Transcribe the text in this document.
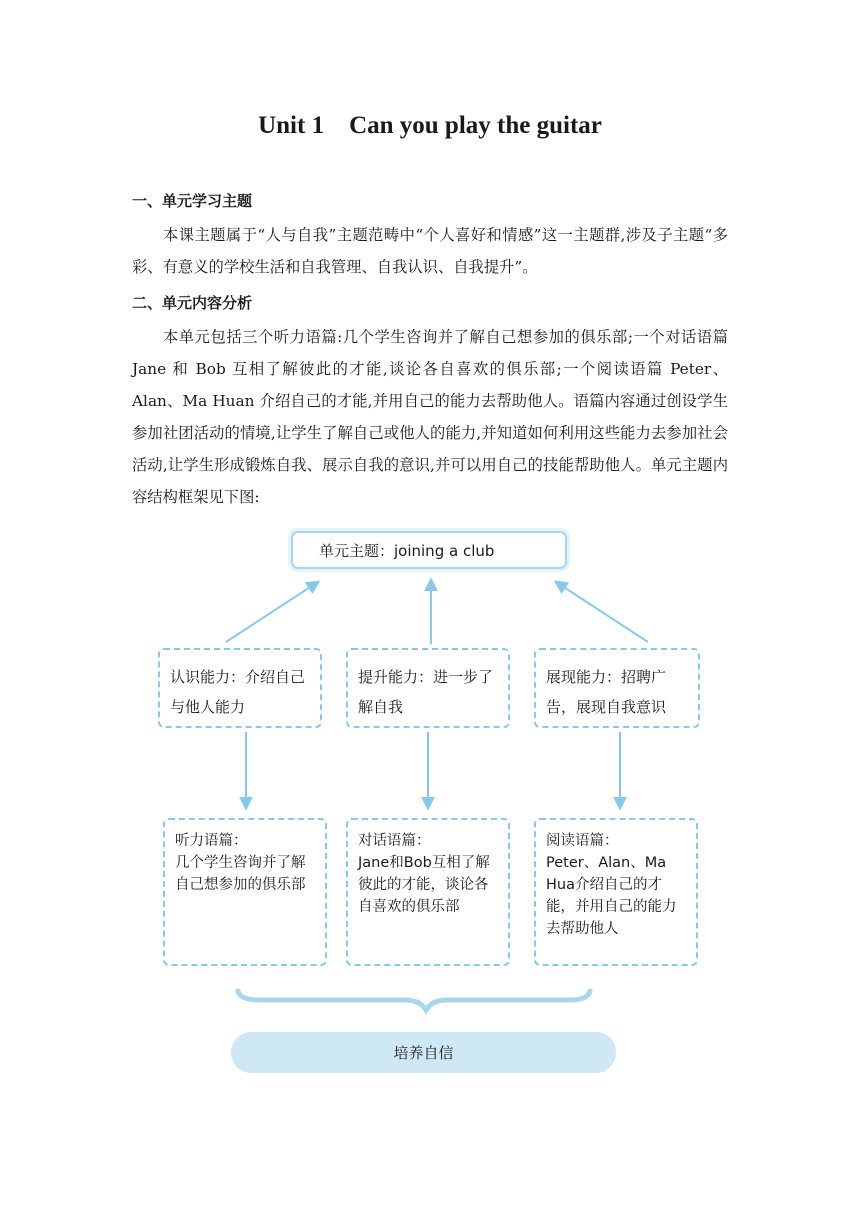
Unit 1    Can you play the guitar
一、单元学习主题
本课主题属于“人与自我”主题范畴中“个人喜好和情感”这一主题群,涉及子主题“多彩、有意义的学校生活和自我管理、自我认识、自我提升”。
二、单元内容分析
本单元包括三个听力语篇:几个学生咨询并了解自己想参加的俱乐部;一个对话语篇 Jane 和 Bob 互相了解彼此的才能,谈论各自喜欢的俱乐部;一个阅读语篇 Peter、Alan、Ma Huan 介绍自己的才能,并用自己的能力去帮助他人。语篇内容通过创设学生参加社团活动的情境,让学生了解自己或他人的能力,并知道如何利用这些能力去参加社会活动,让学生形成锻炼自我、展示自我的意识,并可以用自己的技能帮助他人。单元主题内容结构框架见下图:
单元主题：joining a club
认识能力：介绍自己与他人能力
提升能力：进一步了解自我
展现能力：招聘广告，展现自我意识
听力语篇：
几个学生咨询并了解自己想参加的俱乐部
对话语篇：
Jane和Bob互相了解彼此的才能，谈论各自喜欢的俱乐部
阅读语篇：
Peter、Alan、Ma Hua介绍自己的才能，并用自己的能力去帮助他人
培养自信
